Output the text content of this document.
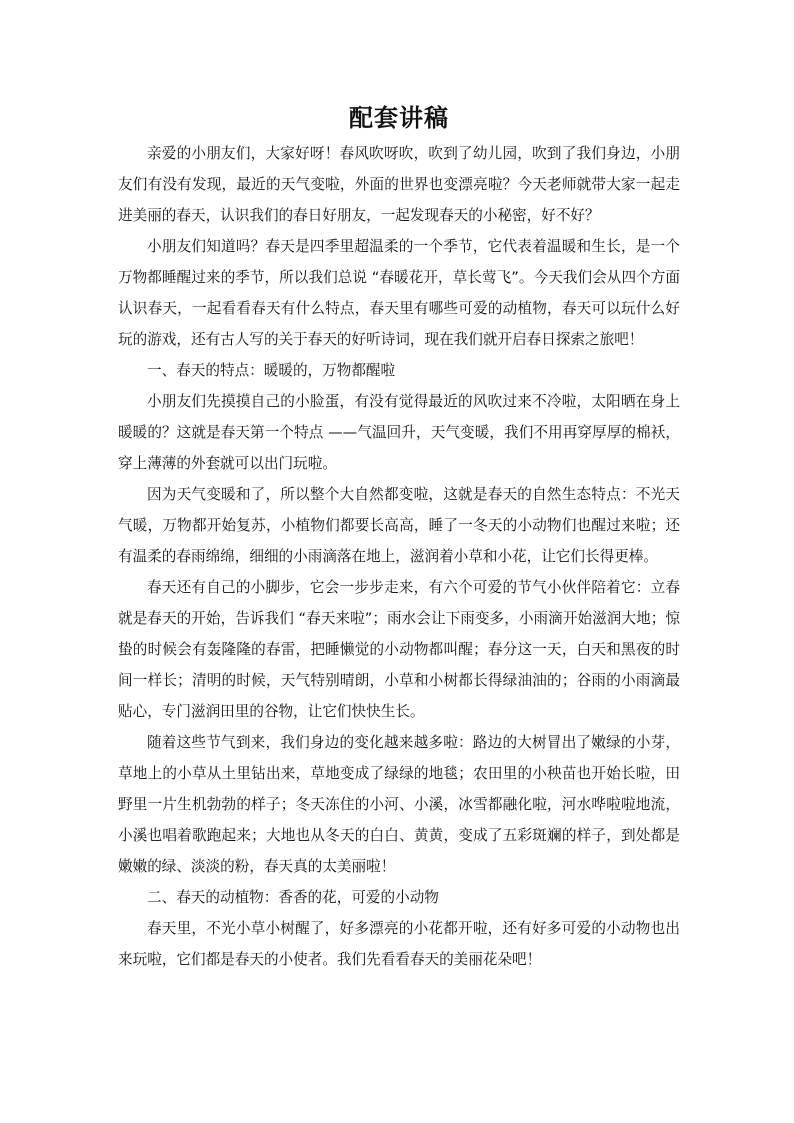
配套讲稿

亲爱的小朋友们，大家好呀！春风吹呀吹，吹到了幼儿园，吹到了我们身边，小朋友们有没有发现，最近的天气变啦，外面的世界也变漂亮啦？今天老师就带大家一起走进美丽的春天，认识我们的春日好朋友，一起发现春天的小秘密，好不好？

小朋友们知道吗？春天是四季里超温柔的一个季节，它代表着温暖和生长，是一个万物都睡醒过来的季节，所以我们总说 “春暖花开，草长莺飞”。今天我们会从四个方面认识春天，一起看看春天有什么特点，春天里有哪些可爱的动植物，春天可以玩什么好玩的游戏，还有古人写的关于春天的好听诗词，现在我们就开启春日探索之旅吧！

一、春天的特点：暖暖的，万物都醒啦

小朋友们先摸摸自己的小脸蛋，有没有觉得最近的风吹过来不冷啦，太阳晒在身上暖暖的？这就是春天第一个特点 ——气温回升，天气变暖，我们不用再穿厚厚的棉袄，穿上薄薄的外套就可以出门玩啦。

因为天气变暖和了，所以整个大自然都变啦，这就是春天的自然生态特点：不光天气暖，万物都开始复苏，小植物们都要长高高，睡了一冬天的小动物们也醒过来啦；还有温柔的春雨绵绵，细细的小雨滴落在地上，滋润着小草和小花，让它们长得更棒。

春天还有自己的小脚步，它会一步步走来，有六个可爱的节气小伙伴陪着它：立春就是春天的开始，告诉我们 “春天来啦”；雨水会让下雨变多，小雨滴开始滋润大地；惊蛰的时候会有轰隆隆的春雷，把睡懒觉的小动物都叫醒；春分这一天，白天和黑夜的时间一样长；清明的时候，天气特别晴朗，小草和小树都长得绿油油的；谷雨的小雨滴最贴心，专门滋润田里的谷物，让它们快快生长。

随着这些节气到来，我们身边的变化越来越多啦：路边的大树冒出了嫩绿的小芽，草地上的小草从土里钻出来，草地变成了绿绿的地毯；农田里的小秧苗也开始长啦，田野里一片生机勃勃的样子；冬天冻住的小河、小溪，冰雪都融化啦，河水哗啦啦地流，小溪也唱着歌跑起来；大地也从冬天的白白、黄黄，变成了五彩斑斓的样子，到处都是嫩嫩的绿、淡淡的粉，春天真的太美丽啦！

二、春天的动植物：香香的花，可爱的小动物

春天里，不光小草小树醒了，好多漂亮的小花都开啦，还有好多可爱的小动物也出来玩啦，它们都是春天的小使者。我们先看看春天的美丽花朵吧！
